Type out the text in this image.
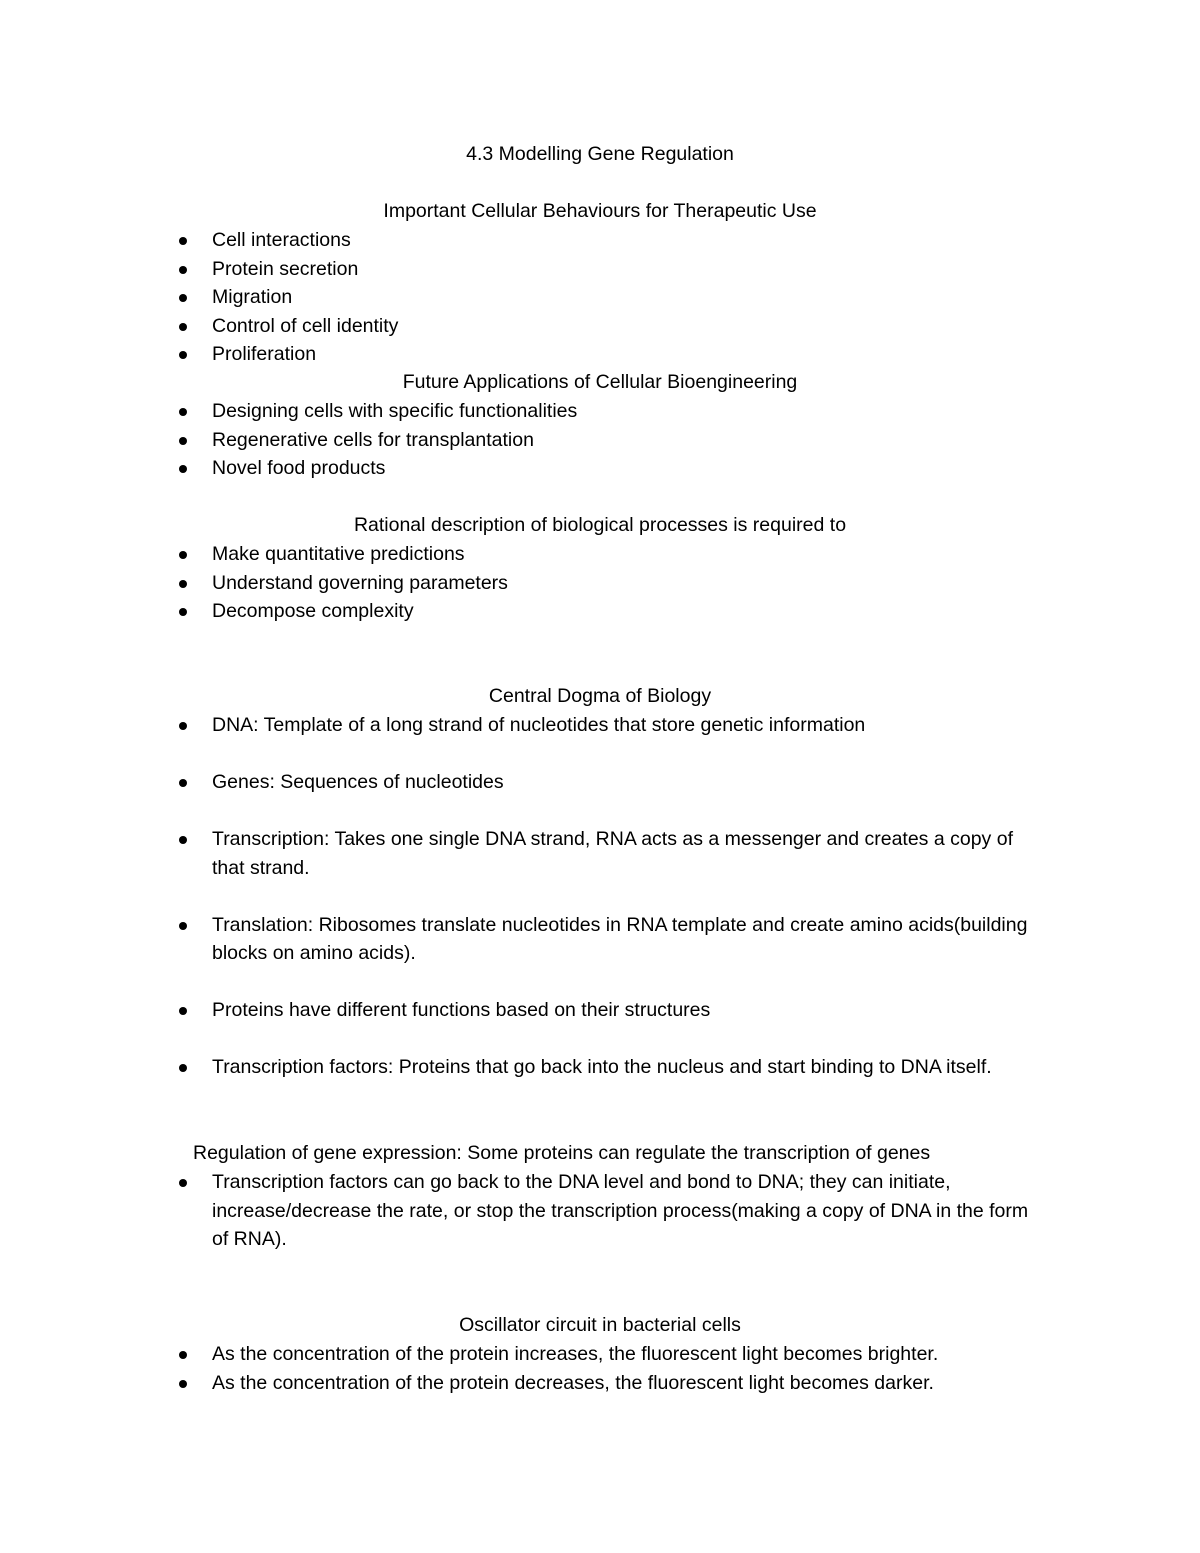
4.3 Modelling Gene Regulation
Important Cellular Behaviours for Therapeutic Use
Cell interactions
Protein secretion
Migration
Control of cell identity
Proliferation
Future Applications of Cellular Bioengineering
Designing cells with specific functionalities
Regenerative cells for transplantation
Novel food products
Rational description of biological processes is required to
Make quantitative predictions
Understand governing parameters
Decompose complexity
Central Dogma of Biology
DNA: Template of a long strand of nucleotides that store genetic information
Genes: Sequences of nucleotides
Transcription: Takes one single DNA strand, RNA acts as a messenger and creates a copy of that strand.
Translation: Ribosomes translate nucleotides in RNA template and create amino acids(building blocks on amino acids).
Proteins have different functions based on their structures
Transcription factors: Proteins that go back into the nucleus and start binding to DNA itself.
Regulation of gene expression: Some proteins can regulate the transcription of genes
Transcription factors can go back to the DNA level and bond to DNA; they can initiate, increase/decrease the rate, or stop the transcription process(making a copy of DNA in the form of RNA).
Oscillator circuit in bacterial cells
As the concentration of the protein increases, the fluorescent light becomes brighter.
As the concentration of the protein decreases, the fluorescent light becomes darker.
